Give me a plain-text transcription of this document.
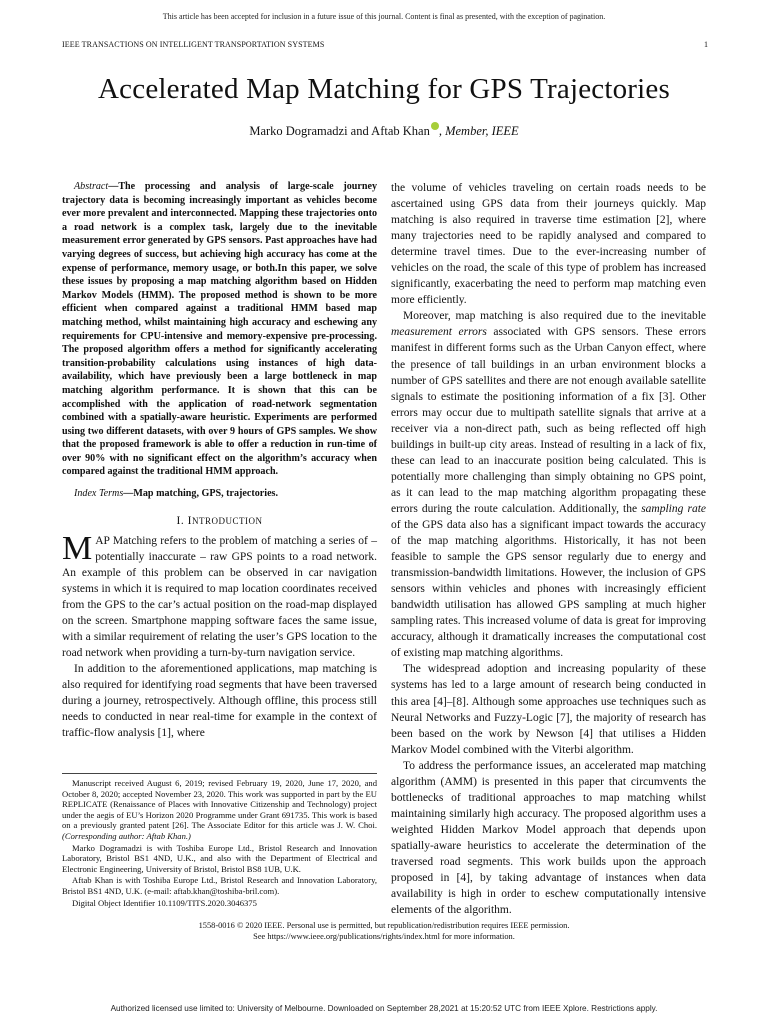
This article has been accepted for inclusion in a future issue of this journal. Content is final as presented, with the exception of pagination.
IEEE TRANSACTIONS ON INTELLIGENT TRANSPORTATION SYSTEMS	1
Accelerated Map Matching for GPS Trajectories
Marko Dogramadzi and Aftab Khan , Member, IEEE

Abstract—The processing and analysis of large-scale journey trajectory data is becoming increasingly important as vehicles become ever more prevalent and interconnected. Mapping these trajectories onto a road network is a complex task, largely due to the inevitable measurement error generated by GPS sensors. Past approaches have had varying degrees of success, but achieving high accuracy has come at the expense of performance, memory usage, or both.In this paper, we solve these issues by proposing a map matching algorithm based on Hidden Markov Models (HMM). The proposed method is shown to be more efficient when compared against a traditional HMM based map matching method, whilst maintaining high accuracy and eschewing any requirements for CPU-intensive and memory-expensive pre-processing. The proposed algorithm offers a method for significantly accelerating transition-probability calculations using instances of high data-availability, which have previously been a large bottleneck in map matching algorithm performance. It is shown that this can be accomplished with the application of road-network segmentation combined with a spatially-aware heuristic. Experiments are performed using two different datasets, with over 9 hours of GPS samples. We show that the proposed framework is able to offer a reduction in run-time of over 90% with no significant effect on the algorithm’s accuracy when compared against the traditional HMM approach.

Index Terms—Map matching, GPS, trajectories.

I. INTRODUCTION

MAP Matching refers to the problem of matching a series of – potentially inaccurate – raw GPS points to a road network. An example of this problem can be observed in car navigation systems in which it is required to map location coordinates received from the GPS to the car’s actual position on the road-map displayed on the screen. Smartphone mapping software faces the same issue, with a similar requirement of relating the user’s GPS location to the road network when providing a turn-by-turn navigation service.

In addition to the aforementioned applications, map matching is also required for identifying road segments that have been traversed during a journey, retrospectively. Although offline, this process still needs to conducted in near real-time for example in the context of traffic-flow analysis [1], where

Manuscript received August 6, 2019; revised February 19, 2020, June 17, 2020, and October 8, 2020; accepted November 23, 2020. This work was supported in part by the EU REPLICATE (Renaissance of Places with Innovative Citizenship and Technology) project under the aegis of EU’s Horizon 2020 Programme under Grant 691735. This work is based on a previously granted patent [26]. The Associate Editor for this article was J. W. Choi. (Corresponding author: Aftab Khan.)

Marko Dogramadzi is with Toshiba Europe Ltd., Bristol Research and Innovation Laboratory, Bristol BS1 4ND, U.K., and also with the Department of Electrical and Electronic Engineering, University of Bristol, Bristol BS8 1UB, U.K.

Aftab Khan is with Toshiba Europe Ltd., Bristol Research and Innovation Laboratory, Bristol BS1 4ND, U.K. (e-mail: aftab.khan@toshiba-bril.com).

Digital Object Identifier 10.1109/TITS.2020.3046375

the volume of vehicles traveling on certain roads needs to be ascertained using GPS data from their journeys quickly. Map matching is also required in traverse time estimation [2], where many trajectories need to be rapidly analysed and compared to determine travel times. Due to the ever-increasing number of vehicles on the road, the scale of this type of problem has increased significantly, exacerbating the need to perform map matching even more efficiently.

Moreover, map matching is also required due to the inevitable measurement errors associated with GPS sensors. These errors manifest in different forms such as the Urban Canyon effect, where the presence of tall buildings in an urban environment blocks a number of GPS satellites and there are not enough available satellite signals to estimate the positioning information of a fix [3]. Other errors may occur due to multipath satellite signals that arrive at a receiver via a non-direct path, such as being reflected off high buildings in built-up city areas. Instead of resulting in a lack of fix, these can lead to an inaccurate position being calculated. This is potentially more challenging than simply obtaining no GPS point, as it can lead to the map matching algorithm propagating these errors during the route calculation. Additionally, the sampling rate of the GPS data also has a significant impact towards the accuracy of the map matching algorithms. Historically, it has not been feasible to sample the GPS sensor regularly due to energy and transmission-bandwidth limitations. However, the inclusion of GPS sensors within vehicles and phones with increasingly efficient bandwidth utilisation has allowed GPS sampling at much higher sampling rates. This increased volume of data is great for improving accuracy, although it dramatically increases the computational cost of existing map matching algorithms.

The widespread adoption and increasing popularity of these systems has led to a large amount of research being conducted in this area [4]–[8]. Although some approaches use techniques such as Neural Networks and Fuzzy-Logic [7], the majority of research has been based on the work by Newson [4] that utilises a Hidden Markov Model combined with the Viterbi algorithm.

To address the performance issues, an accelerated map matching algorithm (AMM) is presented in this paper that circumvents the bottlenecks of traditional approaches to map matching whilst maintaining similarly high accuracy. The proposed algorithm uses a weighted Hidden Markov Model approach that depends upon spatially-aware heuristics to accelerate the determination of the traversed road segments. This work builds upon the approach proposed in [4], by taking advantage of instances when data availability is high in order to eschew computationally intensive elements of the algorithm.

1558-0016 © 2020 IEEE. Personal use is permitted, but republication/redistribution requires IEEE permission.
See https://www.ieee.org/publications/rights/index.html for more information.
Authorized licensed use limited to: University of Melbourne. Downloaded on September 28,2021 at 15:20:52 UTC from IEEE Xplore. Restrictions apply.
